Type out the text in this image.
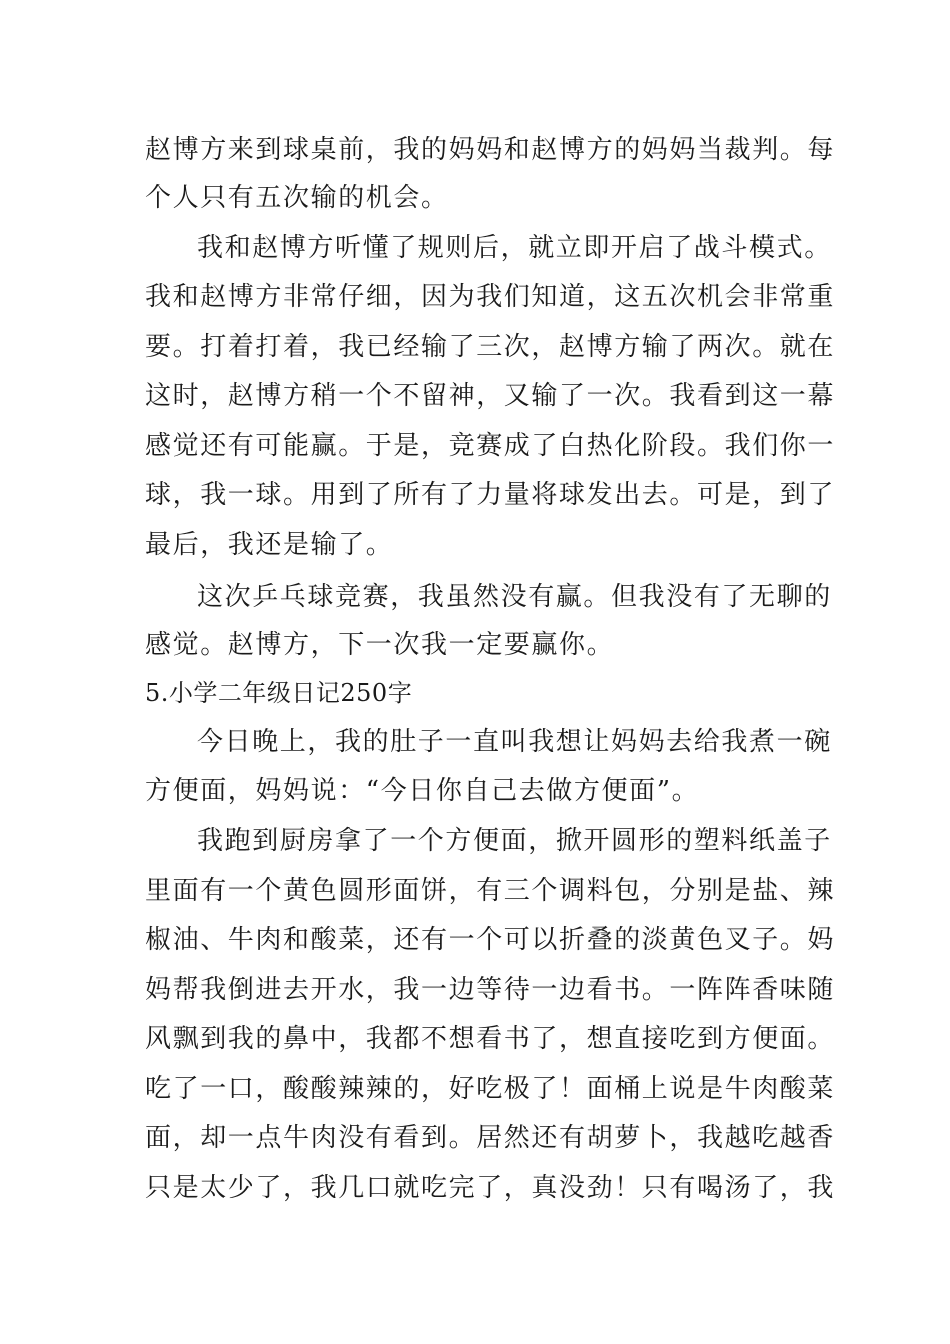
赵博方来到球桌前，我的妈妈和赵博方的妈妈当裁判。每
个人只有五次输的机会。
我和赵博方听懂了规则后，就立即开启了战斗模式。
我和赵博方非常仔细，因为我们知道，这五次机会非常重
要。打着打着，我已经输了三次，赵博方输了两次。就在
这时，赵博方稍一个不留神，又输了一次。我看到这一幕
感觉还有可能赢。于是，竞赛成了白热化阶段。我们你一
球，我一球。用到了所有了力量将球发出去。可是，到了
最后，我还是输了。
这次乒乓球竞赛，我虽然没有赢。但我没有了无聊的
感觉。赵博方，下一次我一定要赢你。
5.小学二年级日记250字
今日晚上，我的肚子一直叫我想让妈妈去给我煮一碗
方便面，妈妈说：“今日你自己去做方便面”。
我跑到厨房拿了一个方便面，掀开圆形的塑料纸盖子
里面有一个黄色圆形面饼，有三个调料包，分别是盐、辣
椒油、牛肉和酸菜，还有一个可以折叠的淡黄色叉子。妈
妈帮我倒进去开水，我一边等待一边看书。一阵阵香味随
风飘到我的鼻中，我都不想看书了，想直接吃到方便面。
吃了一口，酸酸辣辣的，好吃极了！面桶上说是牛肉酸菜
面，却一点牛肉没有看到。居然还有胡萝卜，我越吃越香
只是太少了，我几口就吃完了，真没劲！只有喝汤了，我
